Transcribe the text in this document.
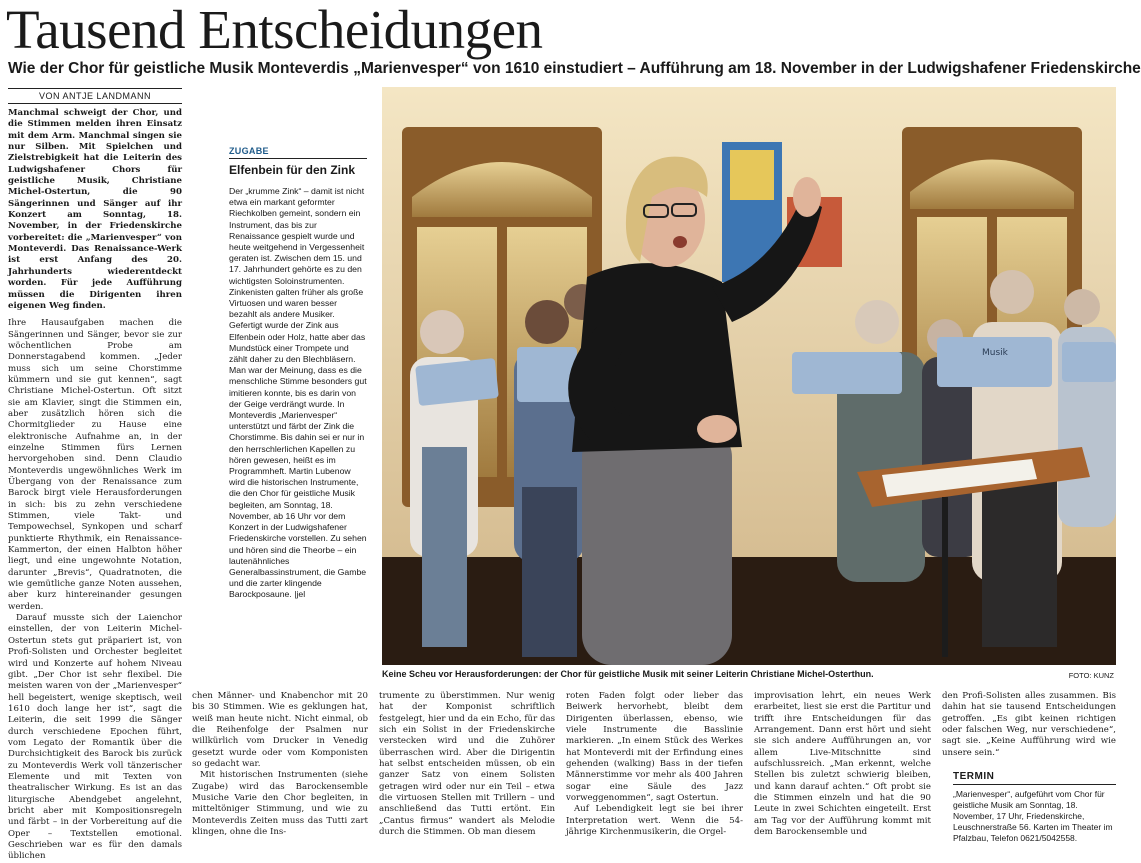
Tausend Entscheidungen
Wie der Chor für geistliche Musik Monteverdis „Marienvesper“ von 1610 einstudiert – Aufführung am 18. November in der Ludwigshafener Friedenskirche
VON ANTJE LANDMANN

Manchmal schweigt der Chor, und die Stimmen melden ihren Einsatz mit dem Arm. Manchmal singen sie nur Silben. Mit Spielchen und Zielstrebigkeit hat die Leiterin des Ludwigshafener Chors für geistliche Musik, Christiane Michel-Ostertun, die 90 Sängerinnen und Sänger auf ihr Konzert am Sonntag, 18. November, in der Friedenskirche vorbereitet: die „Marienvesper“ von Monteverdi. Das Renaissance-Werk ist erst Anfang des 20. Jahrhunderts wiederentdeckt worden. Für jede Aufführung müssen die Dirigenten ihren eigenen Weg finden.

Ihre Hausaufgaben machen die Sängerinnen und Sänger, bevor sie zur wöchentlichen Probe am Donnerstagabend kommen. „Jeder muss sich um seine Chorstimme kümmern und sie gut kennen“, sagt Christiane Michel-Ostertun. Oft sitzt sie am Klavier, singt die Stimmen ein, aber zusätzlich hören sich die Chormitglieder zu Hause eine elektronische Aufnahme an, in der einzelne Stimmen fürs Lernen hervorgehoben sind. Denn Claudio Monteverdis ungewöhnliches Werk im Übergang von der Renaissance zum Barock birgt viele Herausforderungen in sich: bis zu zehn verschiedene Stimmen, viele Takt- und Tempowechsel, Synkopen und scharf punktierte Rhythmik, ein Renaissance-Kammerton, der einen Halbton höher liegt, und eine ungewohnte Notation, darunter „Brevis“, Quadratnoten, die wie gemütliche ganze Noten aussehen, aber kurz hintereinander gesungen werden.

Darauf musste sich der Laienchor einstellen, der von Leiterin Michel-Ostertun stets gut präpariert ist, von Profi-Solisten und Orchester begleitet wird und Konzerte auf hohem Niveau gibt. „Der Chor ist sehr flexibel. Die meisten waren von der „Marienvesper“ hell begeistert, wenige skeptisch, weil 1610 doch lange her ist“, sagt die Leiterin, die seit 1999 die Sänger durch verschiedene Epochen führt, vom Legato der Romantik über die Durchsichtigkeit des Barock bis zurück zu Monteverdis Werk voll tänzerischer Elemente und mit Texten von theatralischer Wirkung. Es ist an das liturgische Abendgebet angelehnt, bricht aber mit Kompositionsregeln und färbt – in der Vorbereitung auf die Oper – Textstellen emotional. Geschrieben war es für den damals üblichen

ZUGABE
Elfenbein für den Zink
Der „krumme Zink“ – damit ist nicht etwa ein markant geformter Riechkolben gemeint, sondern ein Instrument, das bis zur Renaissance gespielt wurde und heute weitgehend in Vergessenheit geraten ist. Zwischen dem 15. und 17. Jahrhundert gehörte es zu den wichtigsten Soloinstrumenten. Zinkenisten galten früher als große Virtuosen und waren besser bezahlt als andere Musiker. Gefertigt wurde der Zink aus Elfenbein oder Holz, hatte aber das Mundstück einer Trompete und zählt daher zu den Blechbläsern. Man war der Meinung, dass es die menschliche Stimme besonders gut imitieren konnte, bis es darin von der Geige verdrängt wurde. In Monteverdis „Marienvesper“ unterstützt und färbt der Zink die Chorstimme. Bis dahin sei er nur in den herrschlerlichen Kapellen zu hören gewesen, heißt es im Programmheft. Martin Lubenow wird die historischen Instrumente, die den Chor für geistliche Musik begleiten, am Sonntag, 18. November, ab 16 Uhr vor dem Konzert in der Ludwigshafener Friedenskirche vorstellen. Zu sehen und hören sind die Theorbe – ein lautenähnliches Generalbassinstrument, die Gambe und die zarter klingende Barockposaune. |jel
Musik
Keine Scheu vor Herausforderungen: der Chor für geistliche Musik mit seiner Leiterin Christiane Michel-Osterthun.	FOTO: KUNZ

chen Männer- und Knabenchor mit 20 bis 30 Stimmen. Wie es geklungen hat, weiß man heute nicht. Nicht einmal, ob die Reihenfolge der Psalmen nur willkürlich vom Drucker in Venedig gesetzt wurde oder vom Komponisten so gedacht war.

Mit historischen Instrumenten (siehe Zugabe) wird das Barockensemble Musiche Varie den Chor begleiten, in mitteltöniger Stimmung, und wie zu Monteverdis Zeiten muss das Tutti zart klingen, ohne die Ins-

trumente zu überstimmen. Nur wenig hat der Komponist schriftlich festgelegt, hier und da ein Echo, für das sich ein Solist in der Friedenskirche verstecken wird und die Zuhörer überraschen wird. Aber die Dirigentin hat selbst entscheiden müssen, ob ein ganzer Satz von einem Solisten getragen wird oder nur ein Teil – etwa die virtuosen Stellen mit Trillern – und anschließend das Tutti ertönt. Ein „Cantus firmus“ wandert als Melodie durch die Stimmen. Ob man diesem

roten Faden folgt oder lieber das Beiwerk hervorhebt, bleibt dem Dirigenten überlassen, ebenso, wie viele Instrumente die Basslinie markieren. „In einem Stück des Werkes hat Monteverdi mit der Erfindung eines gehenden (walking) Bass in der tiefen Männerstimme vor mehr als 400 Jahren sogar eine Säule des Jazz vorweggenommen“, sagt Ostertun.

Auf Lebendigkeit legt sie bei ihrer Interpretation wert. Wenn die 54-jährige Kirchenmusikerin, die Orgel-

improvisation lehrt, ein neues Werk erarbeitet, liest sie erst die Partitur und trifft ihre Entscheidungen für das Arrangement. Dann erst hört und sieht sie sich andere Aufführungen an, vor allem Live-Mitschnitte sind aufschlussreich. „Man erkennt, welche Stellen bis zuletzt schwierig bleiben, und kann darauf achten.“ Oft probt sie die Stimmen einzeln und hat die 90 Leute in zwei Schichten eingeteilt. Erst am Tag vor der Aufführung kommt mit dem Barockensemble und

den Profi-Solisten alles zusammen. Bis dahin hat sie tausend Entscheidungen getroffen. „Es gibt keinen richtigen oder falschen Weg, nur verschiedene“, sagt sie. „Keine Aufführung wird wie unsere sein.“

TERMIN
„Marienvesper“, aufgeführt vom Chor für geistliche Musik am Sonntag, 18. November, 17 Uhr, Friedenskirche, Leuschnerstraße 56. Karten im Theater im Pfalzbau, Telefon 0621/5042558.
